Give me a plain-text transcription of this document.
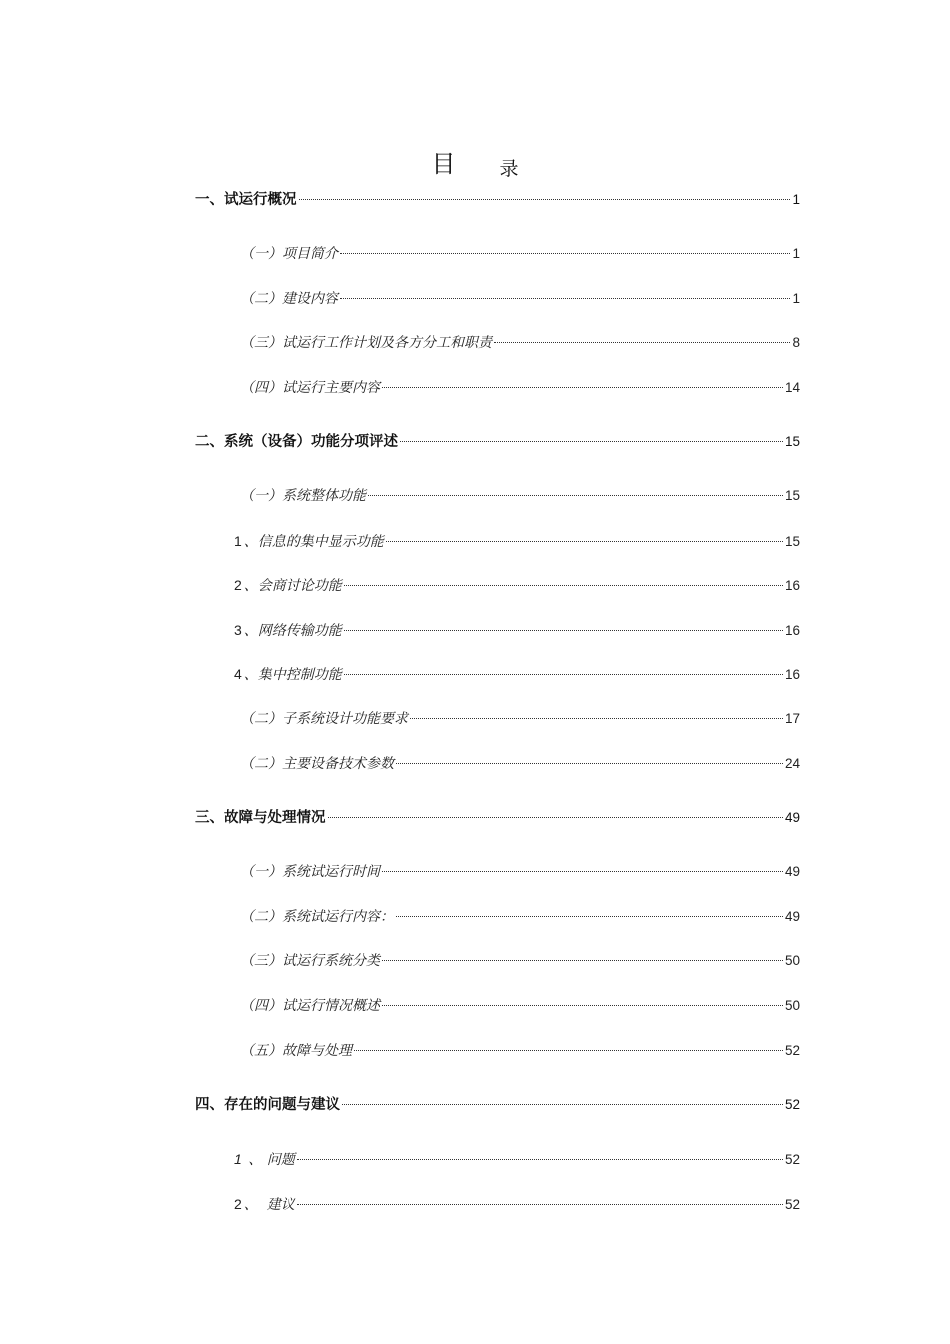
目 录
一、试运行概况	1
（一）项目简介	1
（二）建设内容	1
（三）试运行工作计划及各方分工和职责	8
（四）试运行主要内容	14
二、系统（设备）功能分项评述	15
（一）系统整体功能	15
1 、信息的集中显示功能	15
2 、会商讨论功能	16
3 、网络传输功能	16
4 、集中控制功能	16
（二）子系统设计功能要求	17
（二）主要设备技术参数	24
三、故障与处理情况	49
（一）系统试运行时间	49
（二）系统试运行内容：	49
（三）试运行系统分类	50
（四）试运行情况概述	50
（五）故障与处理	52
四、存在的问题与建议	52
1 、 问题	52
2 、  建议	52
